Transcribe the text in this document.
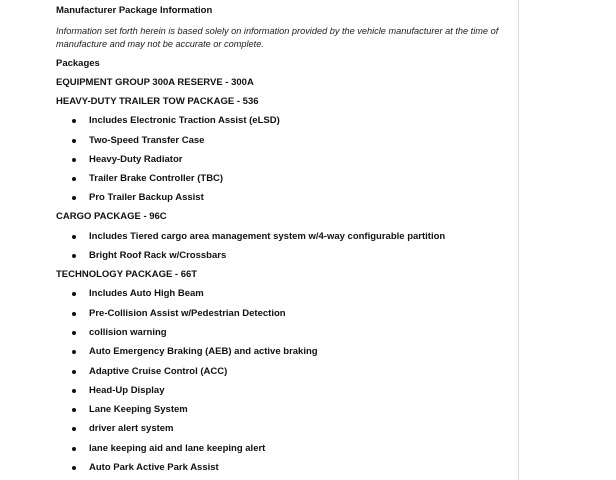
Manufacturer Package Information
Information set forth herein is based solely on information provided by the vehicle manufacturer at the time of manufacture and may not be accurate or complete.
Packages
EQUIPMENT GROUP 300A RESERVE - 300A
HEAVY-DUTY TRAILER TOW PACKAGE - 536
Includes Electronic Traction Assist (eLSD)
Two-Speed Transfer Case
Heavy-Duty Radiator
Trailer Brake Controller (TBC)
Pro Trailer Backup Assist
CARGO PACKAGE - 96C
Includes Tiered cargo area management system w/4-way configurable partition
Bright Roof Rack w/Crossbars
TECHNOLOGY PACKAGE - 66T
Includes Auto High Beam
Pre-Collision Assist w/Pedestrian Detection
collision warning
Auto Emergency Braking (AEB) and active braking
Adaptive Cruise Control (ACC)
Head-Up Display
Lane Keeping System
driver alert system
lane keeping aid and lane keeping alert
Auto Park Active Park Assist
